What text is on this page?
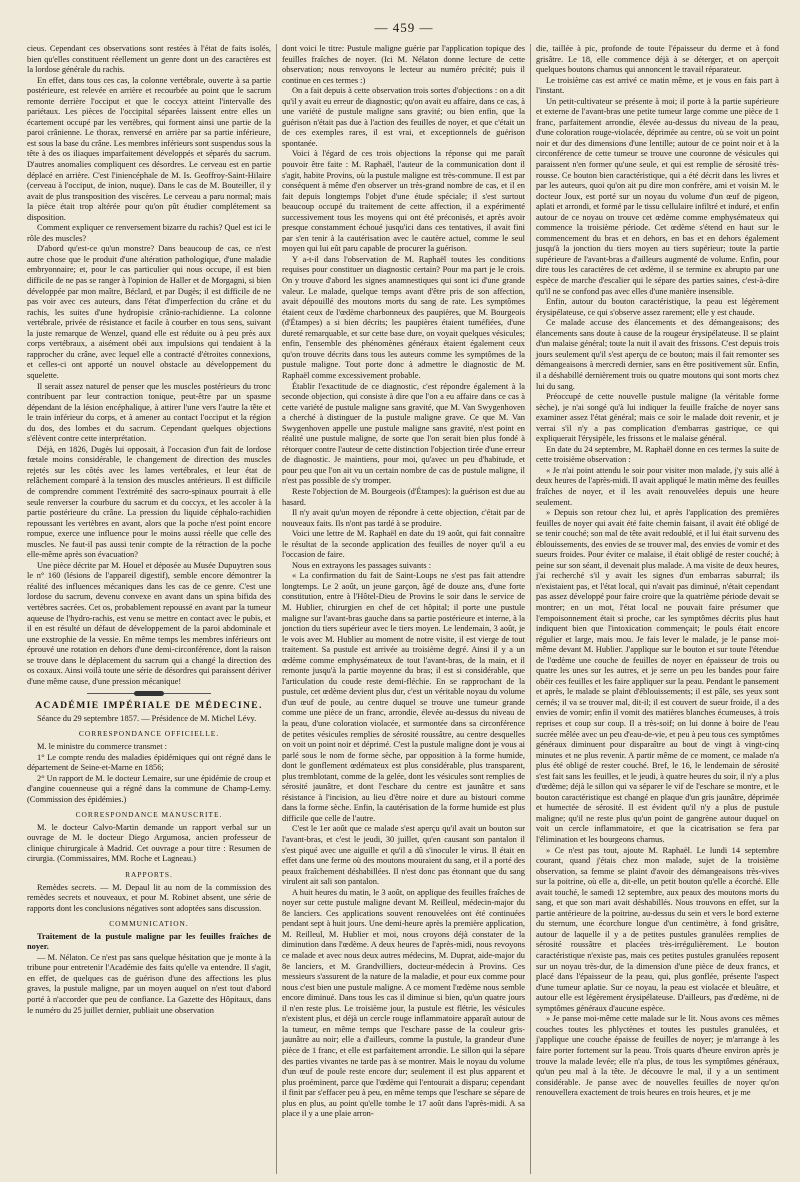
— 459 —

cieus. Cependant ces observations sont restées à l'état de faits isolés, bien qu'elles constituent réellement un genre dont un des caractères est la lordose générale du rachis.

En effet, dans tous ces cas, la colonne vertébrale, ouverte à sa partie postérieure, est relevée en arrière et recourbée au point que le sacrum remonte derrière l'occiput et que le coccyx atteint l'intervalle des pariétaux. Les pièces de l'occipital séparées laissent entre elles un écartement occupé par les vertèbres, qui forment ainsi une partie de la paroi crânienne. Le thorax, renversé en arrière par sa partie inférieure, est sous la base du crâne. Les membres inférieurs sont suspendus sous la tête à des os iliaques imparfaitement développés et séparés du sacrum. D'autres anomalies compliquent ces désordres. Le cerveau est en partie déplacé en arrière. C'est l'iniencéphale de M. Is. Geoffroy-Saint-Hilaire (cerveau à l'occiput, de inion, nuque). Dans le cas de M. Bouteiller, il y avait de plus transposition des viscères. Le cerveau a paru normal; mais la pièce était trop altérée pour qu'on pût étudier complétement sa disposition.

Comment expliquer ce renversement bizarre du rachis? Quel est ici le rôle des muscles?

D'abord qu'est-ce qu'un monstre? Dans beaucoup de cas, ce n'est autre chose que le produit d'une altération pathologique, d'une maladie embryonnaire; et, pour le cas particulier qui nous occupe, il est bien difficile de ne pas se ranger à l'opinion de Haller et de Morgagni, si bien développée par mon maître, Béclard, et par Dugès; il est difficile de ne pas voir avec ces auteurs, dans l'état d'imperfection du crâne et du rachis, les suites d'une hydropisie crânio-rachidienne. La colonne vertébrale, privée de résistance et facile à courber en tous sens, suivant la juste remarque de Wenzel, quand elle est réduite ou à peu près aux corps vertébraux, a aisément obéi aux impulsions qui tendaient à la rapprocher du crâne, avec lequel elle a contracté d'étroites connexions, et celles-ci ont apporté un nouvel obstacle au développement du squelette.

Il serait assez naturel de penser que les muscles postérieurs du tronc contribuent par leur contraction tonique, peut-être par un spasme dépendant de la lésion encéphalique, à attirer l'une vers l'autre la tête et le train inférieur du corps, et à amener au contact l'occiput et la région du dos, des lombes et du sacrum. Cependant quelques objections s'élèvent contre cette interprétation.

Déjà, en 1826, Dugès lui opposait, à l'occasion d'un fait de lordose fœtale moins considérable, le changement de direction des muscles rejetés sur les côtés avec les lames vertébrales, et leur état de relâchement comparé à la tension des muscles antérieurs. Il est difficile de comprendre comment l'extrémité des sacro-spinaux pourrait à elle seule renverser la courbure du sacrum et du coccyx, et les accoler à la partie postérieure du crâne. La pression du liquide céphalo-rachidien repoussant les vertèbres en avant, alors que la poche n'est point encore rompue, exerce une influence pour le moins aussi réelle que celle des muscles. Ne faut-il pas aussi tenir compte de la rétraction de la poche elle-même après son évacuation?

Une pièce décrite par M. Houel et déposée au Musée Dupuytren sous le n° 160 (lésions de l'appareil digestif), semble encore démontrer la réalité des influences mécaniques dans les cas de ce genre. C'est une lordose du sacrum, devenu convexe en avant dans un spina bifida des vertèbres sacrées. Cet os, probablement repoussé en avant par la tumeur aqueuse de l'hydro-rachis, est venu se mettre en contact avec le pubis, et il en est résulté un défaut de développement de la paroi abdominale et une exstrophie de la vessie. En même temps les membres inférieurs ont éprouvé une rotation en dehors d'une demi-circonférence, dont la raison se trouve dans le déplacement du sacrum qui a changé la direction des os coxaux. Ainsi voilà toute une série de désordres qui paraissent dériver d'une même cause, d'une pression mécanique!

ACADÉMIE IMPÉRIALE DE MÉDECINE.

Séance du 29 septembre 1857. — Présidence de M. Michel Lévy.

CORRESPONDANCE OFFICIELLE.

M. le ministre du commerce transmet :

1° Le compte rendu des maladies épidémiques qui ont régné dans le département de Seine-et-Marne en 1856;

2° Un rapport de M. le docteur Lemaire, sur une épidémie de croup et d'angine couenneuse qui a régné dans la commune de Champ-Lemy. (Commission des épidémies.)

CORRESPONDANCE MANUSCRITE.

M. le docteur Calvo-Martin demande un rapport verbal sur un ouvrage de M. le docteur Diego Argumosa, ancien professeur de clinique chirurgicale à Madrid. Cet ouvrage a pour titre : Resumen de cirurgia. (Commissaires, MM. Roche et Lagneau.)

RAPPORTS.

Remèdes secrets. — M. Depaul lit au nom de la commission des remèdes secrets et nouveaux, et pour M. Robinet absent, une série de rapports dont les conclusions négatives sont adoptées sans discussion.

COMMUNICATION.

Traitement de la pustule maligne par les feuilles fraîches de noyer.

— M. Nélaton. Ce n'est pas sans quelque hésitation que je monte à la tribune pour entretenir l'Académie des faits qu'elle va entendre. Il s'agit, en effet, de quelques cas de guérison d'une des affections les plus graves, la pustule maligne, par un moyen auquel on n'est tout d'abord porté à n'accorder que peu de confiance. La Gazette des Hôpitaux, dans le numéro du 25 juillet dernier, publiait une observation

dont voici le titre: Pustule maligne guérie par l'application topique des feuilles fraîches de noyer. (Ici M. Nélaton donne lecture de cette observation; nous renvoyons le lecteur au numéro précité; puis il continue en ces termes :)

On a fait depuis à cette observation trois sortes d'objections : on a dit qu'il y avait eu erreur de diagnostic; qu'on avait eu affaire, dans ce cas, à une variété de pustule maligne sans gravité; ou bien enfin, que la guérison n'était pas due à l'action des feuilles de noyer, et que c'était un de ces exemples rares, il est vrai, et exceptionnels de guérison spontanée.

Voici à l'égard de ces trois objections la réponse qui me paraît pouvoir être faite : M. Raphaël, l'auteur de la communication dont il s'agit, habite Provins, où la pustule maligne est très-commune. Il est par conséquent à même d'en observer un très-grand nombre de cas, et il en fait depuis longtemps l'objet d'une étude spéciale; il s'est surtout beaucoup occupé du traitement de cette affection, il a expérimenté successivement tous les moyens qui ont été préconisés, et après avoir presque constamment échoué jusqu'ici dans ces tentatives, il avait fini par s'en tenir à la cautérisation avec le cautère actuel, comme le seul moyen qui lui eût paru capable de procurer la guérison.

Y a-t-il dans l'observation de M. Raphaël toutes les conditions requises pour constituer un diagnostic certain? Pour ma part je le crois. On y trouve d'abord les signes anamnestiques qui sont ici d'une grande valeur. Le malade, quelque temps avant d'être pris de son affection, avait dépouillé des moutons morts du sang de rate. Les symptômes étaient ceux de l'œdème charbonneux des paupières, que M. Bourgeois (d'Étampes) a si bien décrits; les paupières étaient tuméfiées, d'une dureté remarquable, et sur cette base dure, on voyait quelques vésicules; enfin, l'ensemble des phénomènes généraux étaient également ceux qu'on trouve décrits dans tous les auteurs comme les symptômes de la pustule maligne. Tout porte donc à admettre le diagnostic de M. Raphaël comme excessivement probable.

Établir l'exactitude de ce diagnostic, c'est répondre également à la seconde objection, qui consiste à dire que l'on a eu affaire dans ce cas à cette variété de pustule maligne sans gravité, que M. Van Swygenhoven a cherché à distinguer de la pustule maligne grave. Ce que M. Van Swygenhoven appelle une pustule maligne sans gravité, n'est point en réalité une pustule maligne, de sorte que l'on serait bien plus fondé à rétorquer contre l'auteur de cette distinction l'objection tirée d'une erreur de diagnostic. Je maintiens, pour moi, qu'avec un peu d'habitude, et pour peu que l'on ait vu un certain nombre de cas de pustule maligne, il n'est pas possible de s'y tromper.

Reste l'objection de M. Bourgeois (d'Étampes): la guérison est due au hasard.

Il n'y avait qu'un moyen de répondre à cette objection, c'était par de nouveaux faits. Ils n'ont pas tardé à se produire.

Voici une lettre de M. Raphaël en date du 19 août, qui fait connaître le résultat de la seconde application des feuilles de noyer qu'il a eu l'occasion de faire.

Nous en extrayons les passages suivants :

« La confirmation du fait de Saint-Loups ne s'est pas fait attendre longtemps. Le 2 août, un jeune garçon, âgé de douze ans, d'une forte constitution, entre à l'Hôtel-Dieu de Provins le soir dans le service de M. Hublier, chirurgien en chef de cet hôpital; il porte une pustule maligne sur l'avant-bras gauche dans sa partie postérieure et interne, à la jonction du tiers supérieur avec le tiers moyen. Le lendemain, 3 août, je le vois avec M. Hublier au moment de notre visite, il est vierge de tout traitement. Sa pustule est arrivée au troisième degré. Ainsi il y a un œdème comme emphysémateux de tout l'avant-bras, de la main, et il remonte jusqu'à la partie moyenne du bras; il est si considérable, que l'articulation du coude reste demi-fléchie. En se rapprochant de la pustule, cet œdème devient plus dur, c'est un véritable noyau du volume d'un œuf de poule, au centre duquel se trouve une tumeur grande comme une pièce de un franc, arrondie, élevée au-dessus du niveau de la peau, d'une coloration violacée, et surmontée dans sa circonférence de petites vésicules remplies de sérosité roussâtre, au centre desquelles on voit un point noir et déprimé. C'est la pustule maligne dont je vous ai parlé sous le nom de forme sèche, par opposition à la forme humide, dont le gonflement œdémateux est plus considérable, plus transparent, plus tremblotant, comme de la gelée, dont les vésicules sont remplies de sérosité jaunâtre, et dont l'eschare du centre est jaunâtre et sans résistance à l'incision, au lieu d'être noire et dure au bistouri comme dans la forme sèche. Enfin, la cautérisation de la forme humide est plus difficile que celle de l'autre.

C'est le 1er août que ce malade s'est aperçu qu'il avait un bouton sur l'avant-bras, et c'est le jeudi, 30 juillet, qu'en causant son pantalon il s'est piqué avec une aiguille et qu'il a dû s'inoculer le virus. Il était en effet dans une ferme où des moutons mouraient du sang, et il a porté des peaux fraîchement déshabillées. Il n'est donc pas étonnant que du sang virulent ait sali son pantalon.

A huit heures du matin, le 3 août, on applique des feuilles fraîches de noyer sur cette pustule maligne devant M. Reilleul, médecin-major du 8e lanciers. Ces applications souvent renouvelées ont été continuées pendant sept à huit jours. Une demi-heure après la première application, M. Reilleul, M. Hublier et moi, nous croyons déjà constater de la diminution dans l'œdème. A deux heures de l'après-midi, nous revoyons ce malade et avec nous deux autres médecins, M. Duprat, aide-major du 8e lanciers, et M. Grandvilliers, docteur-médecin à Provins. Ces messieurs s'assurent de la nature de la maladie, et pour eux comme pour nous c'est bien une pustule maligne. A ce moment l'œdème nous semble encore diminué. Dans tous les cas il diminue si bien, qu'un quatre jours il n'en reste plus. Le troisième jour, la pustule est flétrie, les vésicules n'existent plus, et déjà un cercle rouge inflammatoire apparaît autour de la tumeur, en même temps que l'eschare passe de la couleur gris-jaunâtre au noir; elle a d'ailleurs, comme la pustule, la grandeur d'une pièce de 1 franc, et elle est parfaitement arrondie. Le sillon qui la sépare des parties vivantes ne tarde pas à se montrer. Mais le noyau du volume d'un œuf de poule reste encore dur; seulement il est plus apparent et plus proéminent, parce que l'œdème qui l'entourait a disparu; cependant il finit par s'effacer peu à peu, en même temps que l'eschare se sépare de plus en plus, au point qu'elle tombe le 17 août dans l'après-midi. A sa place il y a une plaie arron-

die, taillée à pic, profonde de toute l'épaisseur du derme et à fond grisâtre. Le 18, elle commence déjà à se déterger, et on aperçoit quelques boutons charnus qui annoncent le travail réparateur.

Le troisième cas est arrivé ce matin même, et je vous en fais part à l'instant.

Un petit-cultivateur se présente à moi; il porte à la partie supérieure et externe de l'avant-bras une petite tumeur large comme une pièce de 1 franc, parfaitement arrondie, élevée au-dessus du niveau de la peau, d'une coloration rouge-violacée, déprimée au centre, où se voit un point noir et dur des dimensions d'une lentille; autour de ce point noir et à la circonférence de cette tumeur se trouve une couronne de vésicules qui paraissent n'en former qu'une seule, et qui est remplie de sérosité très-rousse. Ce bouton bien caractéristique, qui a été décrit dans les livres et par les auteurs, quoi qu'on ait pu dire mon confrère, ami et voisin M. le docteur Joux, est porté sur un noyau du volume d'un œuf de pigeon, aplati et arrondi, et formé par le tissu cellulaire infiltré et induré, et enfin autour de ce noyau on trouve cet œdème comme emphysémateux qui commence la troisième période. Cet œdème s'étend en haut sur le commencement du bras et en dehors, en bas et en dehors également jusqu'à la jonction du tiers moyen au tiers supérieur; toute la partie supérieure de l'avant-bras a d'ailleurs augmenté de volume. Enfin, pour dire tous les caractères de cet œdème, il se termine ex abrupto par une espèce de marche d'escalier qui le sépare des parties saines, c'est-à-dire qu'il ne se confond pas avec elles d'une manière insensible.

Enfin, autour du bouton caractéristique, la peau est légèrement érysipélateuse, ce qui s'observe assez rarement; elle y est chaude.

Ce malade accuse des élancements et des démangeaisons; des élancements sans doute à cause de la rougeur érysipélateuse. Il se plaint d'un malaise général; toute la nuit il avait des frissons. C'est depuis trois jours seulement qu'il s'est aperçu de ce bouton; mais il fait remonter ses démangeaisons à mercredi dernier, sans en être positivement sûr. Enfin, il a déshabillé dernièrement trois ou quatre moutons qui sont morts chez lui du sang.

Préoccupé de cette nouvelle pustule maligne (la véritable forme sèche), je n'ai songé qu'à lui indiquer la feuille fraîche de noyer sans examiner assez l'état général; mais ce soir le malade doit revenir, et je verrai s'il n'y a pas complication d'embarras gastrique, ce qui expliquerait l'érysipèle, les frissons et le malaise général.

En date du 24 septembre, M. Raphaël donne en ces termes la suite de cette troisième observation :

« Je n'ai point attendu le soir pour visiter mon malade, j'y suis allé à deux heures de l'après-midi. Il avait appliqué le matin même des feuilles fraîches de noyer, et il les avait renouvelées depuis une heure seulement.

» Depuis son retour chez lui, et après l'application des premières feuilles de noyer qui avait été faite chemin faisant, il avait été obligé de se tenir couché; son mal de tête avait redoublé, et il lui était survenu des éblouissements, des envies de se trouver mal, des envies de vomir et des sueurs froides. Pour éviter ce malaise, il était obligé de rester couché; à peine sur son séant, il devenait plus malade. A ma visite de deux heures, j'ai recherché s'il y avait les signes d'un embarras saburral; ils n'existaient pas, et l'état local, qui n'avait pas diminué, n'était cependant pas assez développé pour faire croire que la quatrième période devait se montrer; en un mot, l'état local ne pouvait faire présumer que l'empoisonnement était si proche, car les symptômes décrits plus haut indiquent bien que l'intoxication commençait; le pouls était encore régulier et large, mais mou. Je fais lever le malade, je le panse moi-même devant M. Hublier. J'applique sur le bouton et sur toute l'étendue de l'œdème une couche de feuilles de noyer en épaisseur de trois ou quatre les unes sur les autres, et je serre un peu les bandes pour faire obéir ces feuilles et les faire appliquer sur la peau. Pendant le pansement et après, le malade se plaint d'éblouissements; il est pâle, ses yeux sont cernés; il va se trouver mal, dit-il; il est couvert de sueur froide, il a des envies de vomir; enfin il vomit des matières blanches écumeuses, à trois reprises et coup sur coup. Il a très-soif; on lui donne à boire de l'eau sucrée mêlée avec un peu d'eau-de-vie, et peu à peu tous ces symptômes généraux diminuent pour disparaître au bout de vingt à vingt-cinq minutes et ne plus revenir. A partir même de ce moment, ce malade n'a plus été obligé de rester couché. Bref, le 16, le lendemain de sérosité s'est fait sans les feuilles, et le jeudi, à quatre heures du soir, il n'y a plus d'œdème; déjà le sillon qui va séparer le vif de l'eschare se montre, et le bouton caractéristique est changé en plaque d'un gris jaunâtre, déprimée et humectée de sérosité. Il est évident qu'il n'y a plus de pustule maligne; qu'il ne reste plus qu'un point de gangrène autour duquel on voit un cercle inflammatoire, et que la cicatrisation se fera par l'élimination et les bourgeons charnus.

» Ce n'est pas tout, ajoute M. Raphaël. Le lundi 14 septembre courant, quand j'étais chez mon malade, sujet de la troisième observation, sa femme se plaint d'avoir des démangeaisons très-vives sur la poitrine, où elle a, dit-elle, un petit bouton qu'elle a écorché. Elle avait touché, le samedi 12 septembre, aux peaux des moutons morts du sang, et que son mari avait déshabillés. Nous trouvons en effet, sur la partie antérieure de la poitrine, au-dessus du sein et vers le bord externe du sternum, une écorchure longue d'un centimètre, à fond grisâtre, autour de laquelle il y a de petites pustules granulées remplies de sérosité roussâtre et placées très-irrégulièrement. Le bouton caractéristique n'existe pas, mais ces petites pustules granulées reposent sur un noyau très-dur, de la dimension d'une pièce de deux francs, et placé dans l'épaisseur de la peau, qui, plus gonflée, présente l'aspect d'une tumeur aplatie. Sur ce noyau, la peau est violacée et bleuâtre, et autour elle est légèrement érysipélateuse. D'ailleurs, pas d'œdème, ni de symptômes généraux d'aucune espèce.

» Je panse moi-même cette malade sur le lit. Nous avons ces mêmes couches toutes les phlyctènes et toutes les pustules granulées, et j'applique une couche épaisse de feuilles de noyer; je m'arrange à les faire porter fortement sur la peau. Trois quarts d'heure environ après je trouve la malade levée; elle n'a plus, de tous les symptômes généraux, qu'un peu mal à la tête. Je découvre le mal, il y a un sentiment considérable. Je panse avec de nouvelles feuilles de noyer qu'on renouvellera exactement de trois heures en trois heures, et je me
